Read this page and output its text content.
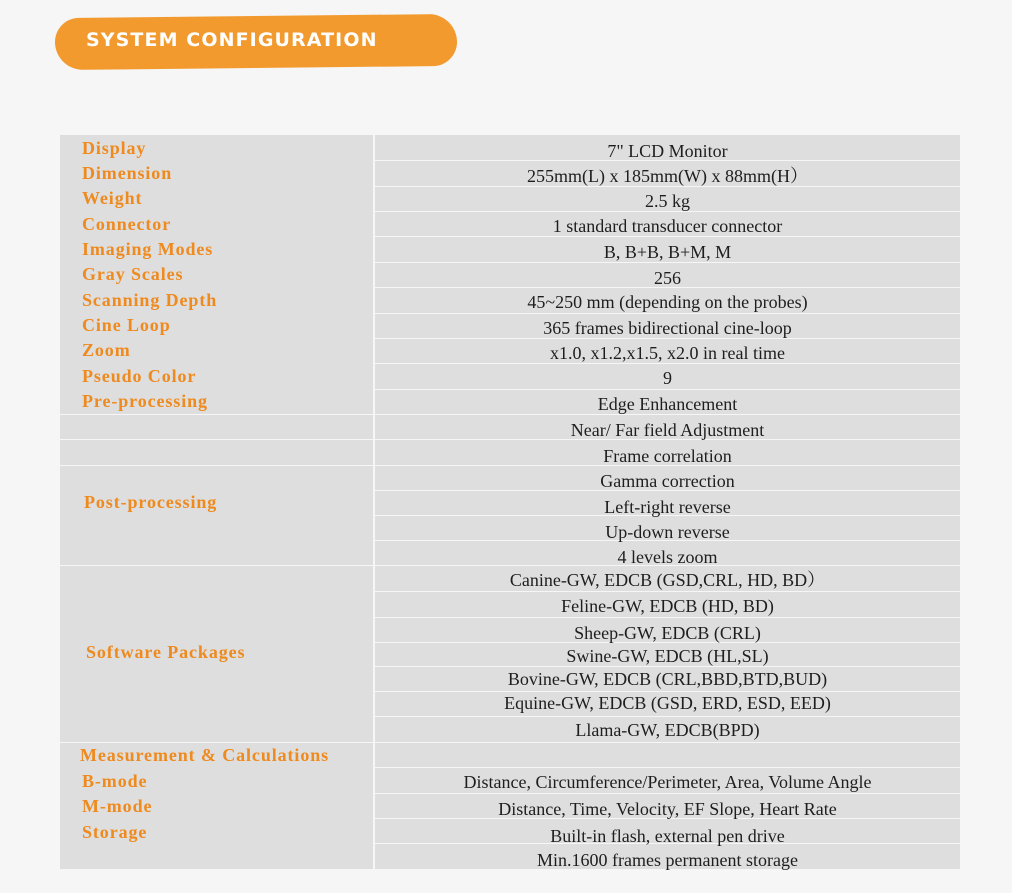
SYSTEM CONFIGURATION
Display
Dimension
Weight
Connector
Imaging Modes
Gray Scales
Scanning Depth
Cine Loop
Zoom
Pseudo Color
Pre-processing
Post-processing
Software Packages
Measurement & Calculations
B-mode
M-mode
Storage
7" LCD Monitor
255mm(L) x 185mm(W) x 88mm(H）
2.5 kg
1 standard transducer connector
B, B+B, B+M, M
256
45~250 mm (depending on the probes)
365 frames bidirectional cine-loop
x1.0, x1.2,x1.5, x2.0 in real time
9
Edge Enhancement
Near/ Far field Adjustment
Frame correlation
Gamma correction
Left-right reverse
Up-down reverse
4 levels zoom
Canine-GW, EDCB (GSD,CRL, HD, BD）
Feline-GW, EDCB (HD, BD)
Sheep-GW, EDCB (CRL)
Swine-GW, EDCB (HL,SL)
Bovine-GW, EDCB (CRL,BBD,BTD,BUD)
Equine-GW, EDCB (GSD, ERD, ESD, EED)
Llama-GW, EDCB(BPD)
Distance, Circumference/Perimeter, Area, Volume Angle
Distance, Time, Velocity, EF Slope, Heart Rate
Built-in flash, external pen drive
Min.1600 frames permanent storage
